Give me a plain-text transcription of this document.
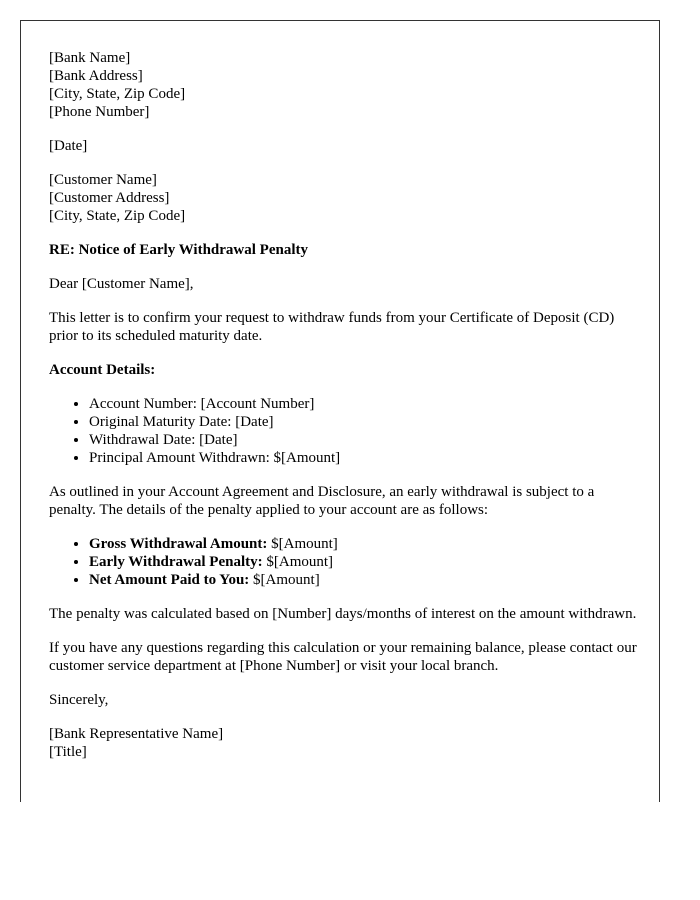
[Bank Name]
[Bank Address]
[City, State, Zip Code]
[Phone Number]
[Date]
[Customer Name]
[Customer Address]
[City, State, Zip Code]

RE: Notice of Early Withdrawal Penalty

Dear [Customer Name],

This letter is to confirm your request to withdraw funds from your Certificate of Deposit (CD) prior to its scheduled maturity date.

Account Details:

• Account Number: [Account Number]
• Original Maturity Date: [Date]
• Withdrawal Date: [Date]
• Principal Amount Withdrawn: $[Amount]

As outlined in your Account Agreement and Disclosure, an early withdrawal is subject to a penalty. The details of the penalty applied to your account are as follows:

• Gross Withdrawal Amount: $[Amount]
• Early Withdrawal Penalty: $[Amount]
• Net Amount Paid to You: $[Amount]

The penalty was calculated based on [Number] days/months of interest on the amount withdrawn.

If you have any questions regarding this calculation or your remaining balance, please contact our customer service department at [Phone Number] or visit your local branch.

Sincerely,

[Bank Representative Name]
[Title]
